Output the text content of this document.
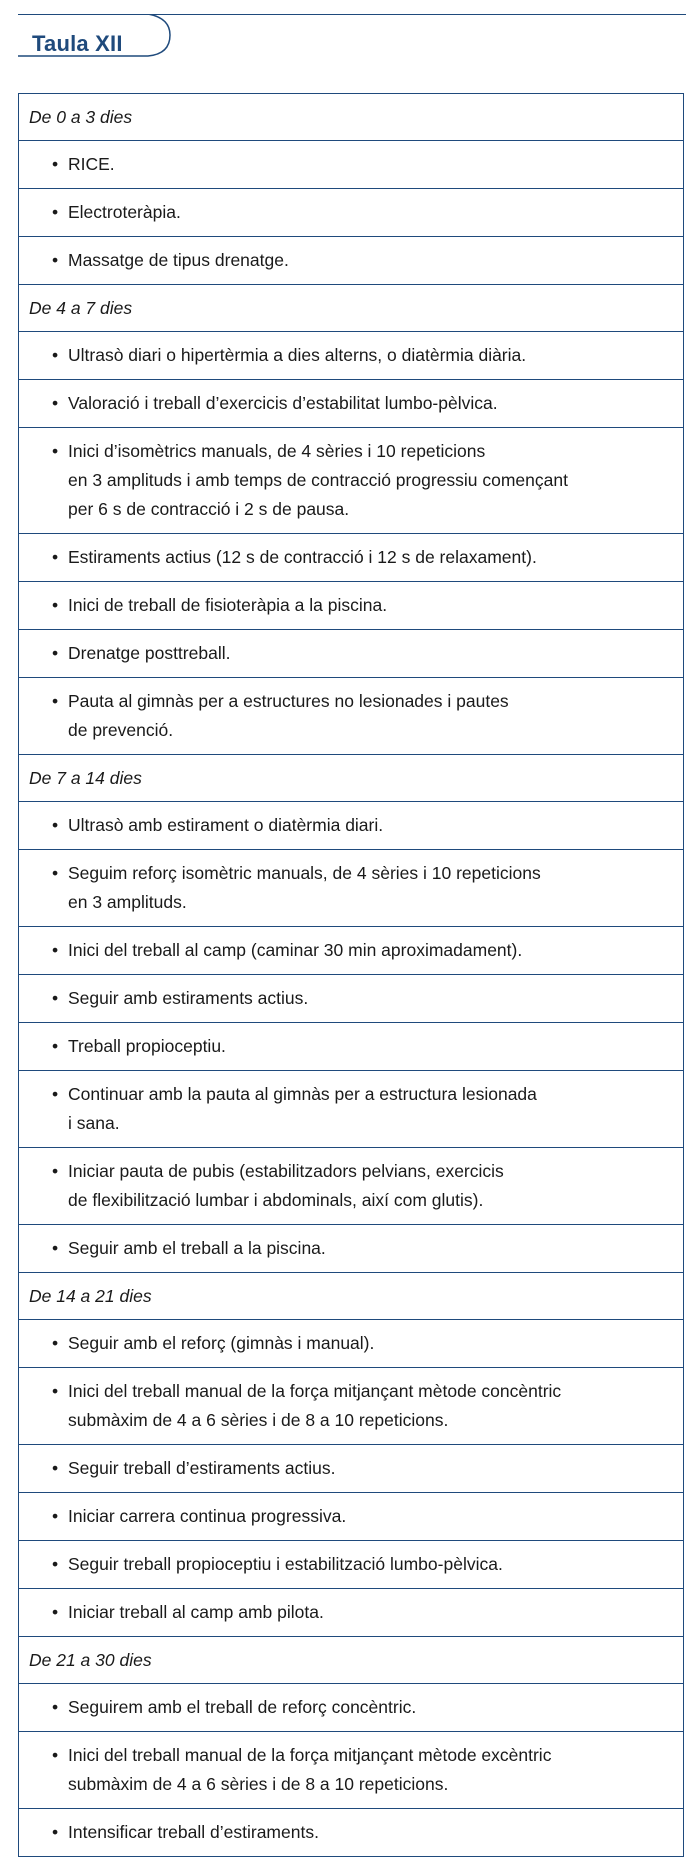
Taula XII
De 0 a 3 dies
• RICE.
• Electroteràpia.
• Massatge de tipus drenatge.
De 4 a 7 dies
• Ultrasò diari o hipertèrmia a dies alterns, o diatèrmia diària.
• Valoració i treball d’exercicis d’estabilitat lumbo-pèlvica.
• Inici d’isomètrics manuals, de 4 sèries i 10 repeticions
en 3 amplituds i amb temps de contracció progressiu començant
per 6 s de contracció i 2 s de pausa.
• Estiraments actius (12 s de contracció i 12 s de relaxament).
• Inici de treball de fisioteràpia a la piscina.
• Drenatge posttreball.
• Pauta al gimnàs per a estructures no lesionades i pautes
de prevenció.
De 7 a 14 dies
• Ultrasò amb estirament o diatèrmia diari.
• Seguim reforç isomètric manuals, de 4 sèries i 10 repeticions
en 3 amplituds.
• Inici del treball al camp (caminar 30 min aproximadament).
• Seguir amb estiraments actius.
• Treball propioceptiu.
• Continuar amb la pauta al gimnàs per a estructura lesionada
i sana.
• Iniciar pauta de pubis (estabilitzadors pelvians, exercicis
de flexibilització lumbar i abdominals, així com glutis).
• Seguir amb el treball a la piscina.
De 14 a 21 dies
• Seguir amb el reforç (gimnàs i manual).
• Inici del treball manual de la força mitjançant mètode concèntric
submàxim de 4 a 6 sèries i de 8 a 10 repeticions.
• Seguir treball d’estiraments actius.
• Iniciar carrera continua progressiva.
• Seguir treball propioceptiu i estabilització lumbo-pèlvica.
• Iniciar treball al camp amb pilota.
De 21 a 30 dies
• Seguirem amb el treball de reforç concèntric.
• Inici del treball manual de la força mitjançant mètode excèntric
submàxim de 4 a 6 sèries i de 8 a 10 repeticions.
• Intensificar treball d’estiraments.
